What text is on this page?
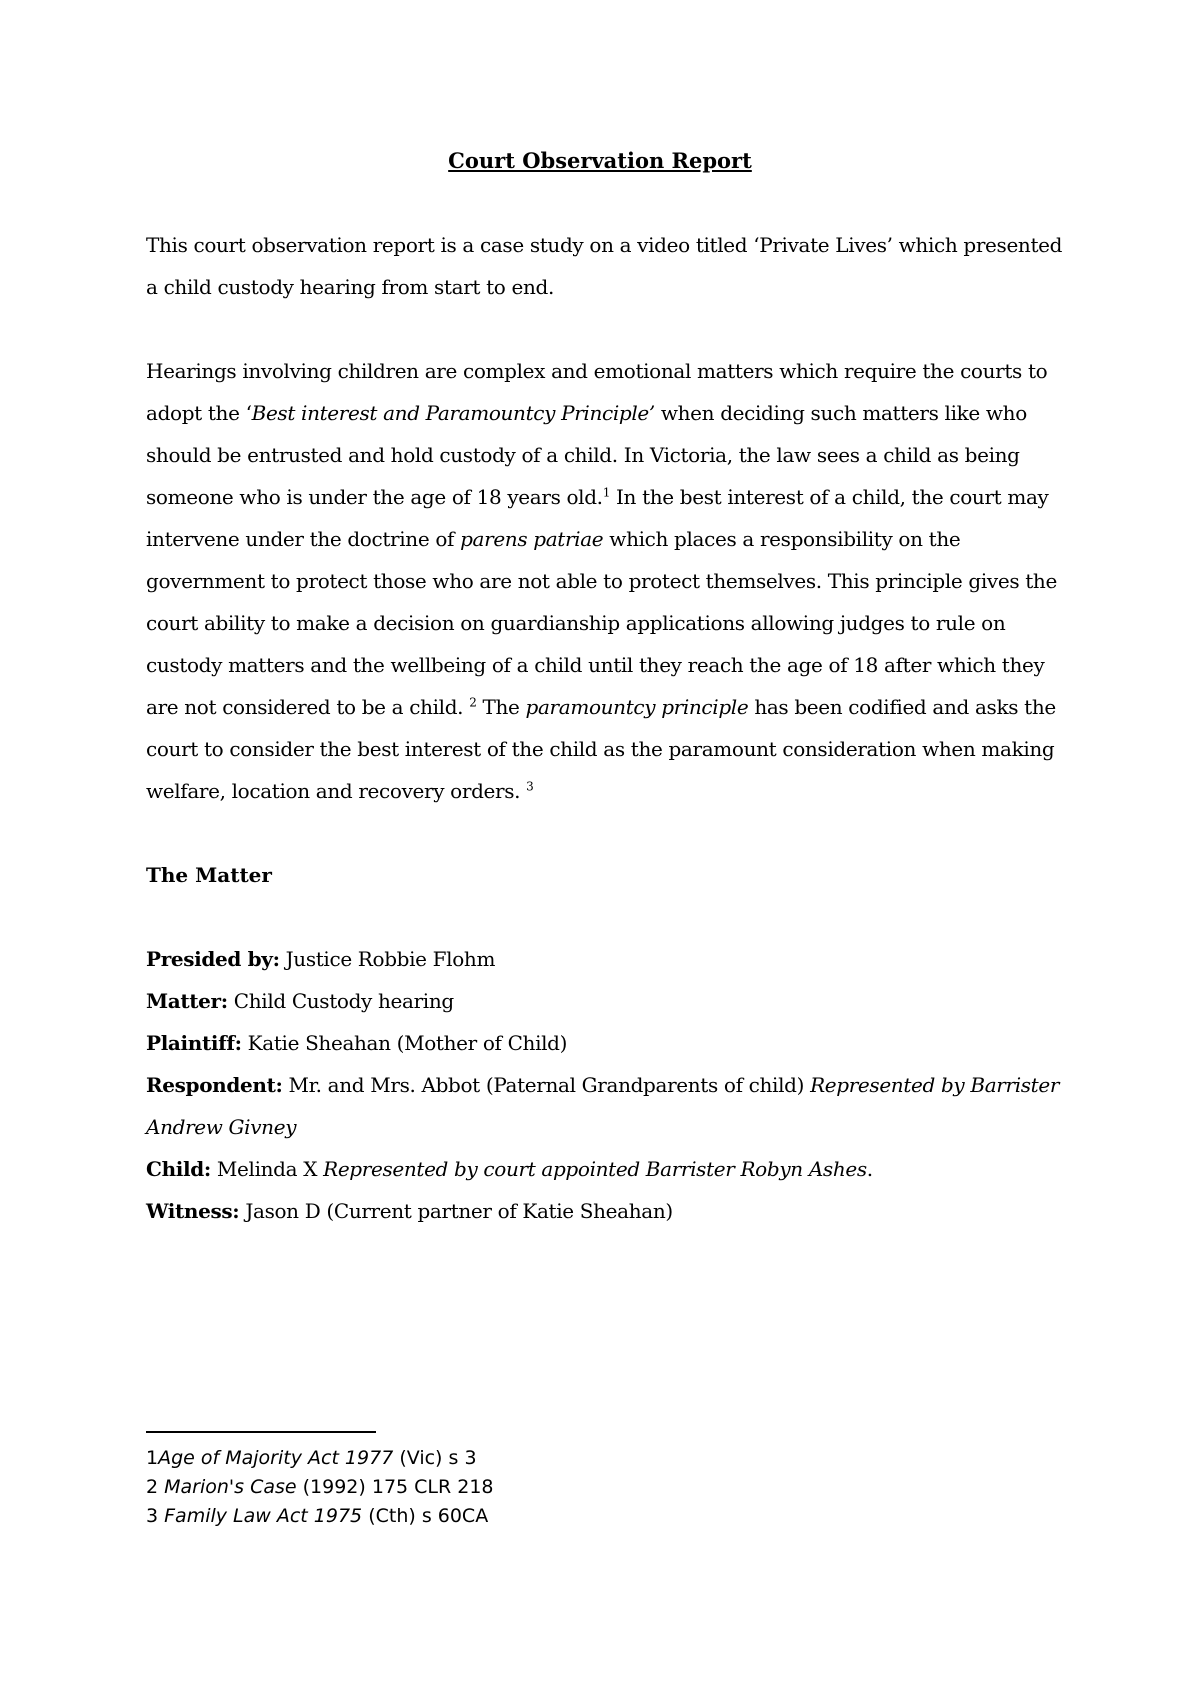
Court Observation Report

This court observation report is a case study on a video titled ‘Private Lives’ which presented a child custody hearing from start to end.

Hearings involving children are complex and emotional matters which require the courts to adopt the ‘Best interest and Paramountcy Principle’ when deciding such matters like who should be entrusted and hold custody of a child. In Victoria, the law sees a child as being someone who is under the age of 18 years old.$^1$ In the best interest of a child, the court may intervene under the doctrine of parens patriae which places a responsibility on the government to protect those who are not able to protect themselves. This principle gives the court ability to make a decision on guardianship applications allowing judges to rule on custody matters and the wellbeing of a child until they reach the age of 18 after which they are not considered to be a child. $^2$ The paramountcy principle has been codified and asks the court to consider the best interest of the child as the paramount consideration when making welfare, location and recovery orders. $^3$

The Matter
Presided by: Justice Robbie Flohm
Matter: Child Custody hearing
Plaintiff: Katie Sheahan (Mother of Child)
Respondent: Mr. and Mrs. Abbot (Paternal Grandparents of child) Represented by Barrister Andrew Givney
Child: Melinda X Represented by court appointed Barrister Robyn Ashes.
Witness: Jason D (Current partner of Katie Sheahan)
1Age of Majority Act 1977 (Vic) s 3
2 Marion's Case (1992) 175 CLR 218
3 Family Law Act 1975 (Cth) s 60CA
